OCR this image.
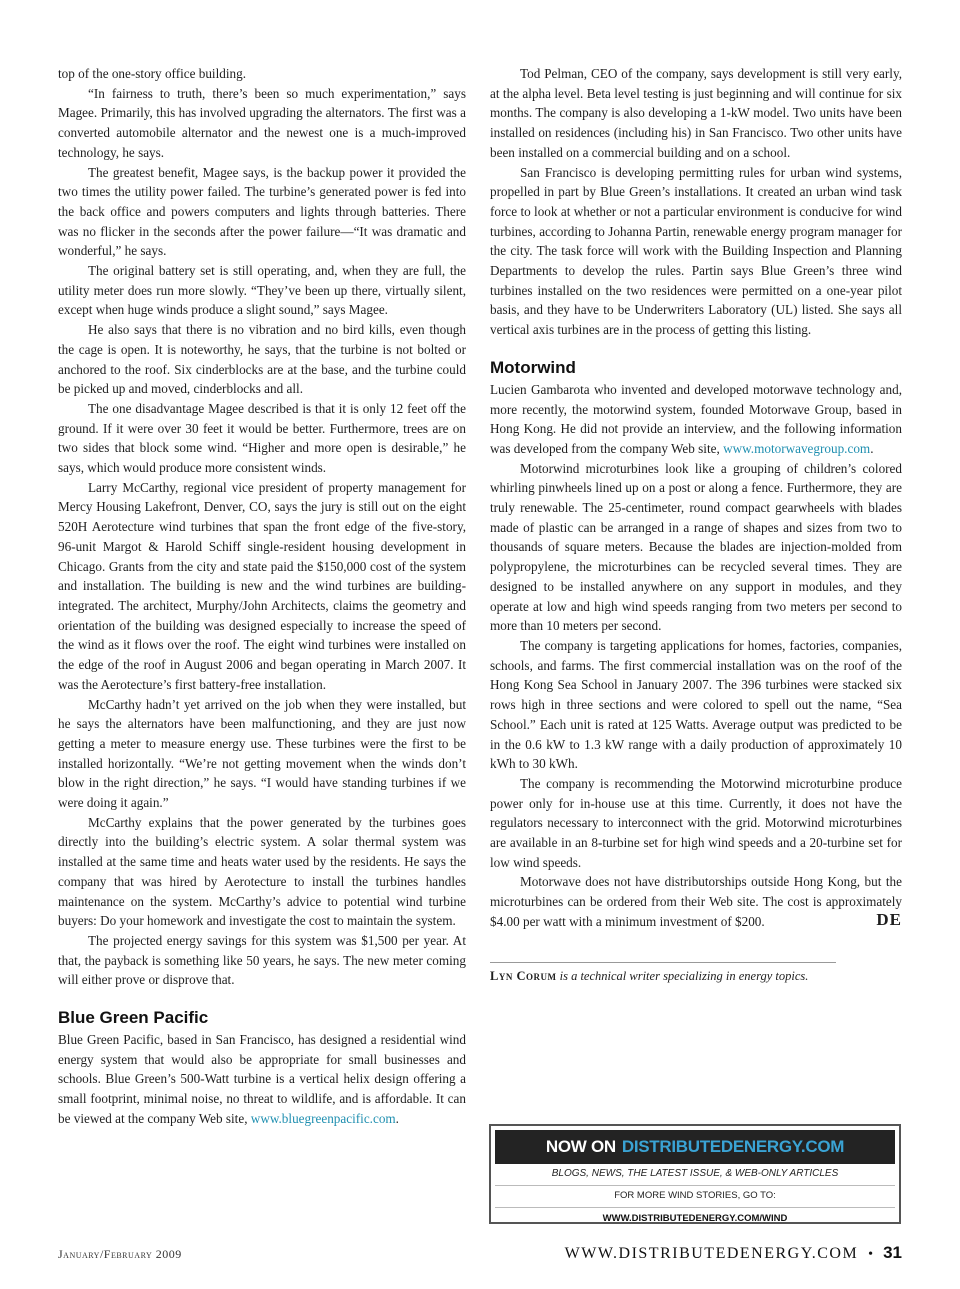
top of the one-story office building.

“In fairness to truth, there’s been so much experimentation,” says Magee. Primarily, this has involved upgrading the alternators. The first was a converted automobile alternator and the newest one is a much-improved technology, he says.

The greatest benefit, Magee says, is the backup power it provided the two times the utility power failed. The turbine’s generated power is fed into the back office and powers computers and lights through batteries. There was no flicker in the seconds after the power failure—“It was dramatic and wonderful,” he says.

The original battery set is still operating, and, when they are full, the utility meter does run more slowly. “They’ve been up there, virtually silent, except when huge winds produce a slight sound,” says Magee.

He also says that there is no vibration and no bird kills, even though the cage is open. It is noteworthy, he says, that the turbine is not bolted or anchored to the roof. Six cinderblocks are at the base, and the turbine could be picked up and moved, cinderblocks and all.

The one disadvantage Magee described is that it is only 12 feet off the ground. If it were over 30 feet it would be better. Furthermore, trees are on two sides that block some wind. “Higher and more open is desirable,” he says, which would produce more consistent winds.

Larry McCarthy, regional vice president of property management for Mercy Housing Lakefront, Denver, CO, says the jury is still out on the eight 520H Aerotecture wind turbines that span the front edge of the five-story, 96-unit Margot & Harold Schiff single-resident housing development in Chicago. Grants from the city and state paid the $150,000 cost of the system and installation. The building is new and the wind turbines are building-integrated. The architect, Murphy/John Architects, claims the geometry and orientation of the building was designed especially to increase the speed of the wind as it flows over the roof. The eight wind turbines were installed on the edge of the roof in August 2006 and began operating in March 2007. It was the Aerotecture’s first battery-free installation.

McCarthy hadn’t yet arrived on the job when they were installed, but he says the alternators have been malfunctioning, and they are just now getting a meter to measure energy use. These turbines were the first to be installed horizontally. “We’re not getting movement when the winds don’t blow in the right direction,” he says. “I would have standing turbines if we were doing it again.”

McCarthy explains that the power generated by the turbines goes directly into the building’s electric system. A solar thermal system was installed at the same time and heats water used by the residents. He says the company that was hired by Aerotecture to install the turbines handles maintenance on the system. McCarthy’s advice to potential wind turbine buyers: Do your homework and investigate the cost to maintain the system.

The projected energy savings for this system was $1,500 per year. At that, the payback is something like 50 years, he says. The new meter coming will either prove or disprove that.

Blue Green Pacific

Blue Green Pacific, based in San Francisco, has designed a residential wind energy system that would also be appropriate for small businesses and schools. Blue Green’s 500-Watt turbine is a vertical helix design offering a small footprint, minimal noise, no threat to wildlife, and is affordable. It can be viewed at the company Web site, www.bluegreenpacific.com.

Tod Pelman, CEO of the company, says development is still very early, at the alpha level. Beta level testing is just beginning and will continue for six months. The company is also developing a 1-kW model. Two units have been installed on residences (including his) in San Francisco. Two other units have been installed on a commercial building and on a school.

San Francisco is developing permitting rules for urban wind systems, propelled in part by Blue Green’s installations. It created an urban wind task force to look at whether or not a particular environment is conducive for wind turbines, according to Johanna Partin, renewable energy program manager for the city. The task force will work with the Building Inspection and Planning Departments to develop the rules. Partin says Blue Green’s three wind turbines installed on the two residences were permitted on a one-year pilot basis, and they have to be Underwriters Laboratory (UL) listed. She says all vertical axis turbines are in the process of getting this listing.

Motorwind

Lucien Gambarota who invented and developed motorwave technology and, more recently, the motorwind system, founded Motorwave Group, based in Hong Kong. He did not provide an interview, and the following information was developed from the company Web site, www.motorwavegroup.com.

Motorwind microturbines look like a grouping of children’s colored whirling pinwheels lined up on a post or along a fence. Furthermore, they are truly renewable. The 25-centimeter, round compact gearwheels with blades made of plastic can be arranged in a range of shapes and sizes from two to thousands of square meters. Because the blades are injection-molded from polypropylene, the microturbines can be recycled several times. They are designed to be installed anywhere on any support in modules, and they operate at low and high wind speeds ranging from two meters per second to more than 10 meters per second.

The company is targeting applications for homes, factories, companies, schools, and farms. The first commercial installation was on the roof of the Hong Kong Sea School in January 2007. The 396 turbines were stacked six rows high in three sections and were colored to spell out the name, “Sea School.” Each unit is rated at 125 Watts. Average output was predicted to be in the 0.6 kW to 1.3 kW range with a daily production of approximately 10 kWh to 30 kWh.

The company is recommending the Motorwind microturbine produce power only for in-house use at this time. Currently, it does not have the regulators necessary to interconnect with the grid. Motorwind microturbines are available in an 8-turbine set for high wind speeds and a 20-turbine set for low wind speeds.

Motorwave does not have distributorships outside Hong Kong, but the microturbines can be ordered from their Web site. The cost is approximately $4.00 per watt with a minimum investment of $200.	DE

Lyn Corum is a technical writer specializing in energy topics.
NOW ON DISTRIBUTEDENERGY.COM
BLOGS, NEWS, THE LATEST ISSUE, & WEB-ONLY ARTICLES
FOR MORE WIND STORIES, GO TO:
WWW.DISTRIBUTEDENERGY.COM/WIND
January/February 2009	WWW.DISTRIBUTEDENERGY.COM • 31
